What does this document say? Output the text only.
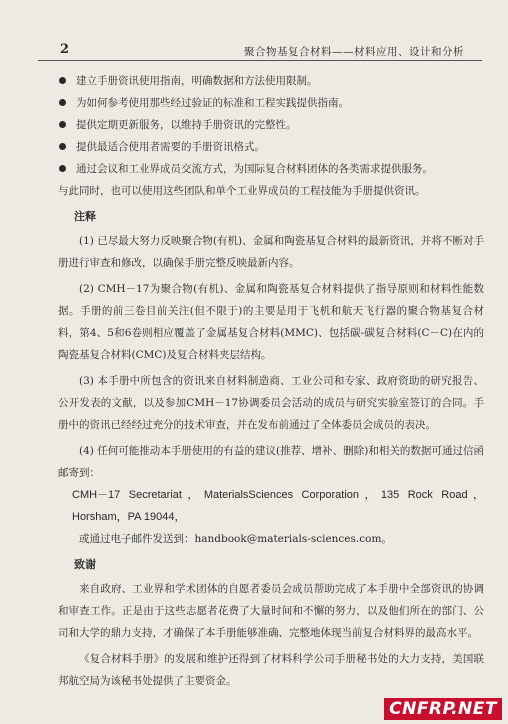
2	聚合物基复合材料——材料应用、设计和分析
建立手册资讯使用指南，明确数据和方法使用限制。
为如何参考使用那些经过验证的标准和工程实践提供指南。
提供定期更新服务，以维持手册资讯的完整性。
提供最适合使用者需要的手册资讯格式。
通过会议和工业界成员交流方式，为国际复合材料团体的各类需求提供服务。
与此同时，也可以使用这些团队和单个工业界成员的工程技能为手册提供资讯。
注释
(1) 已尽最大努力反映聚合物(有机)、金属和陶瓷基复合材料的最新资讯，并将不断对手册进行审查和修改，以确保手册完整反映最新内容。
(2) CMH－17为聚合物(有机)、金属和陶瓷基复合材料提供了指导原则和材料性能数据。手册的前三卷目前关注(但不限于)的主要是用于飞机和航天飞行器的聚合物基复合材料，第4、5和6卷则相应覆盖了金属基复合材料(MMC)、包括碳-碳复合材料(C－C)在内的陶瓷基复合材料(CMC)及复合材料夹层结构。
(3) 本手册中所包含的资讯来自材料制造商、工业公司和专家、政府资助的研究报告、公开发表的文献，以及参加CMH－17协调委员会活动的成员与研究实验室签订的合同。手册中的资讯已经经过充分的技术审查，并在发布前通过了全体委员会成员的表决。
(4) 任何可能推动本手册使用的有益的建议(推荐、增补、删除)和相关的数据可通过信函邮寄到：
CMH－17 Secretariat，MaterialsSciences Corporation，135 Rock Road，Horsham，PA 19044，
或通过电子邮件发送到：handbook@materials-sciences.com。
致谢
来自政府、工业界和学术团体的自愿者委员会成员帮助完成了本手册中全部资讯的协调和审查工作。正是由于这些志愿者花费了大量时间和不懈的努力，以及他们所在的部门、公司和大学的鼎力支持，才确保了本手册能够准确、完整地体现当前复合材料界的最高水平。
《复合材料手册》的发展和维护还得到了材料科学公司手册秘书处的大力支持，美国联邦航空局为该秘书处提供了主要资金。
CNFRP.NET
